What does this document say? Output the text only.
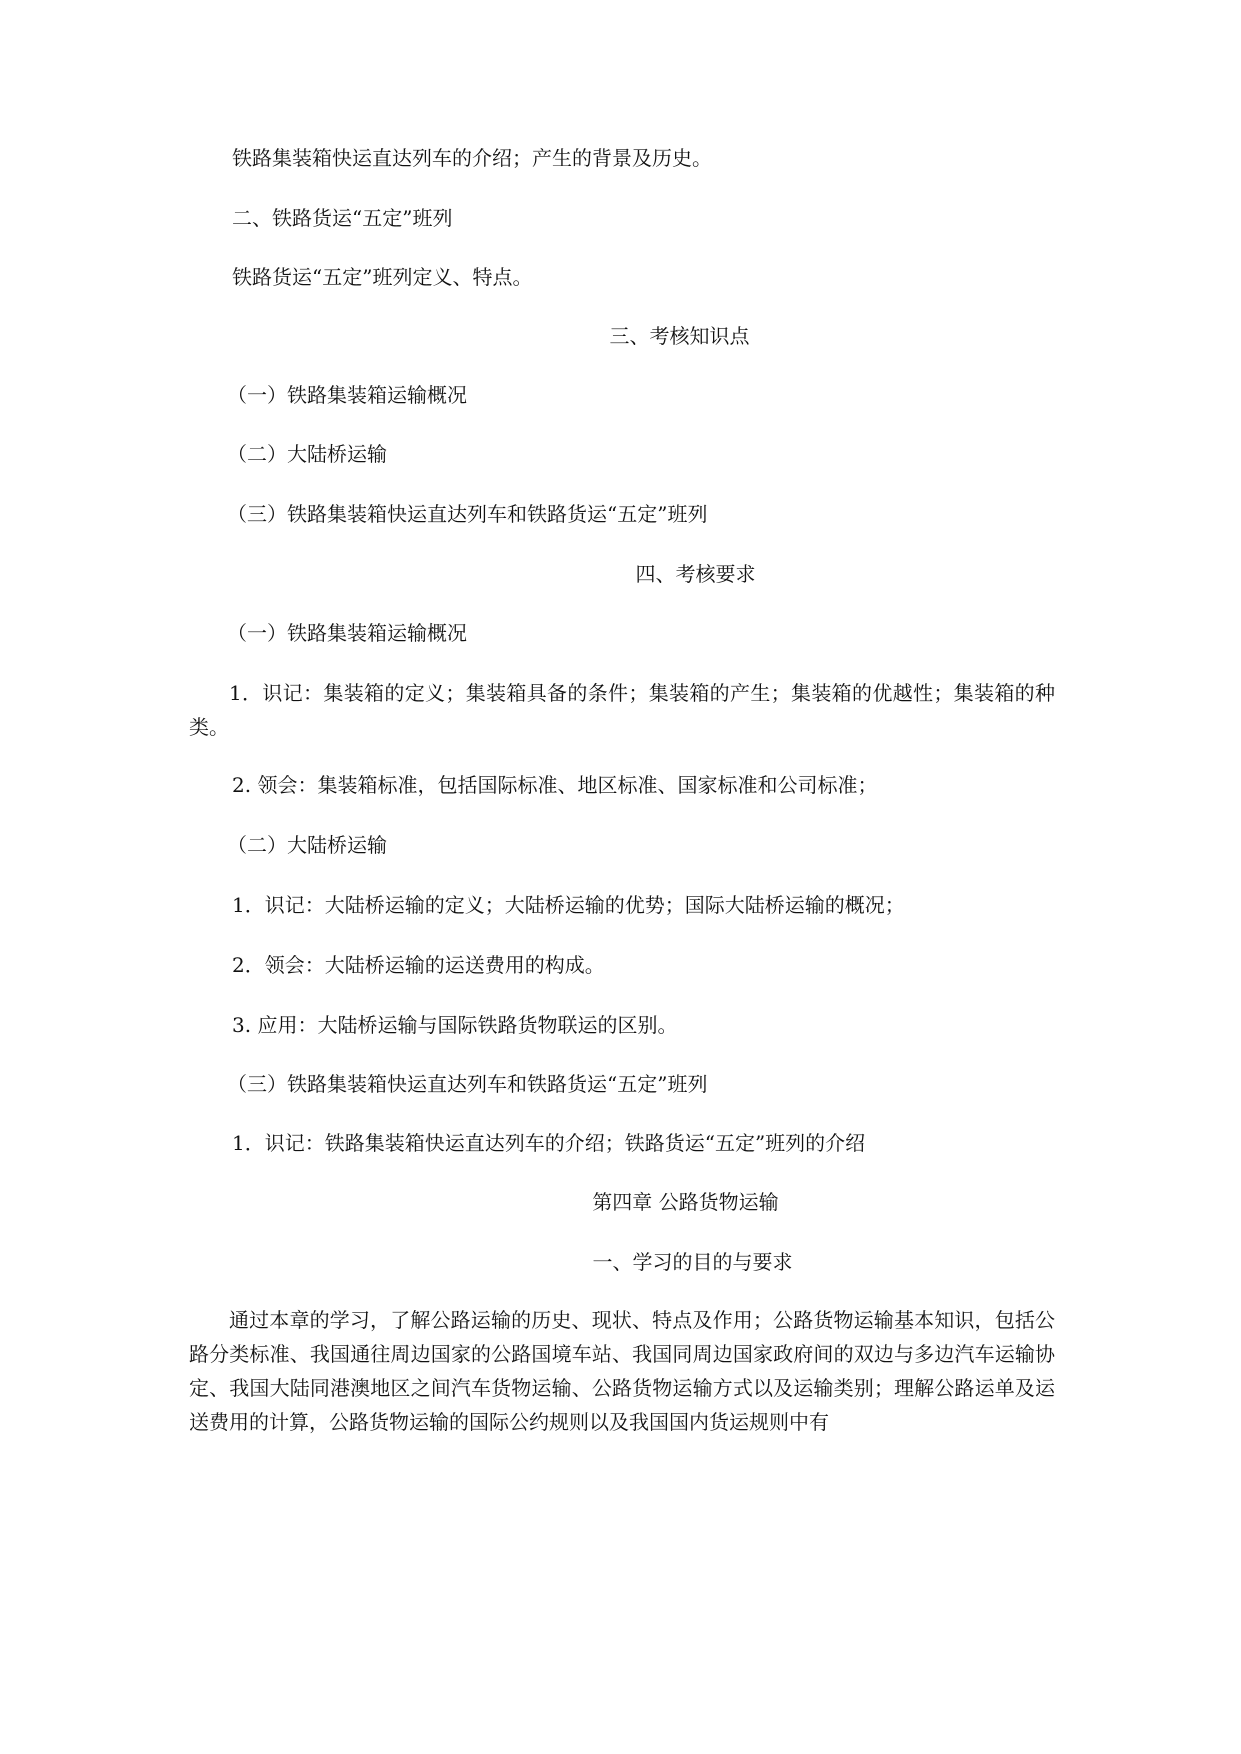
铁路集装箱快运直达列车的介绍；产生的背景及历史。
二、铁路货运“五定”班列
铁路货运“五定”班列定义、特点。
三、考核知识点
（一）铁路集装箱运输概况
（二）大陆桥运输
（三）铁路集装箱快运直达列车和铁路货运“五定”班列
四、考核要求
（一）铁路集装箱运输概况
1．识记：集装箱的定义；集装箱具备的条件；集装箱的产生；集装箱的优越性；集装箱的种类。
2. 领会：集装箱标准，包括国际标准、地区标准、国家标准和公司标准；
（二）大陆桥运输
1．识记：大陆桥运输的定义；大陆桥运输的优势；国际大陆桥运输的概况；
2．领会：大陆桥运输的运送费用的构成。
3. 应用：大陆桥运输与国际铁路货物联运的区别。
（三）铁路集装箱快运直达列车和铁路货运“五定”班列
1．识记：铁路集装箱快运直达列车的介绍；铁路货运“五定”班列的介绍
第四章 公路货物运输
一、学习的目的与要求
通过本章的学习，了解公路运输的历史、现状、特点及作用；公路货物运输基本知识，包括公路分类标准、我国通往周边国家的公路国境车站、我国同周边国家政府间的双边与多边汽车运输协定、我国大陆同港澳地区之间汽车货物运输、公路货物运输方式以及运输类别；理解公路运单及运送费用的计算，公路货物运输的国际公约规则以及我国国内货运规则中有
